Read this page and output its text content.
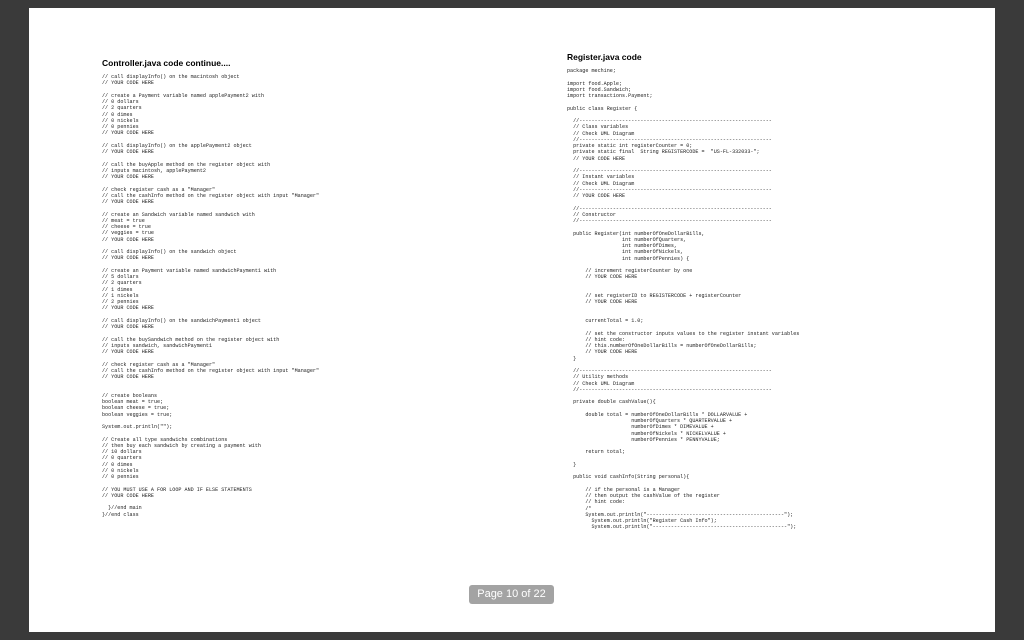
Controller.java code continue....
// call displayInfo() on the macintosh object
// YOUR CODE HERE
// create a Payment variable named applePayment2 with
// 0 dollars
// 2 quarters
// 0 dimes
// 0 nickels
// 0 pennies
// YOUR CODE HERE
// call displayInfo() on the applePayment2 object
// YOUR CODE HERE
// call the buyApple method on the register object with
// inputs macintosh, applePayment2
// YOUR CODE HERE
// check register cash as a "Manager"
// call the cashInfo method on the register object with input "Manager"
// YOUR CODE HERE
// create an Sandwich variable named sandwich with
// meat = true
// cheese = true
// veggies = true
// YOUR CODE HERE
// call displayInfo() on the sandwich object
// YOUR CODE HERE
// create an Payment variable named sandwichPayment1 with
// 5 dollars
// 2 quarters
// 1 dimes
// 1 nickels
// 2 pennies
// YOUR CODE HERE
// call displayInfo() on the sandwichPayment1 object
// YOUR CODE HERE
// call the buySandwich method on the register object with
// inputs sandwich, sandwichPayment1
// YOUR CODE HERE
// check register cash as a "Manager"
// call the cashInfo method on the register object with input "Manager"
// YOUR CODE HERE
// create booleans
boolean meat = true;
boolean cheese = true;
boolean veggies = true;
System.out.println("");
// Create all type sandwichs combinations
// then buy each sandwich by creating a payment with
// 10 dollars
// 0 quarters
// 0 dimes
// 0 nickels
// 0 pennies
// YOU MUST USE A FOR LOOP AND IF ELSE STATEMENTS
// YOUR CODE HERE
}//end main
}//end class
Register.java code
package mechine;
import food.Apple;
import food.Sandwich;
import transactions.Payment;
public class Register {
//---------------------------------------------------------------
// Class variables
// Check UML Diagram
//---------------------------------------------------------------
private static int registerCounter = 0;
private static final  String REGISTERCODE =  "US-FL-332033-";
// YOUR CODE HERE
//---------------------------------------------------------------
// Instant variables
// Check UML Diagram
//---------------------------------------------------------------
// YOUR CODE HERE
//---------------------------------------------------------------
// Constructor
//---------------------------------------------------------------
public Register(int numberOfOneDollarBills,
int numberOfQuarters,
int numberOfDimes,
int numberOfNickels,
int numberOfPennies) {
// increment registerCounter by one
// YOUR CODE HERE
// set registerID to REGISTERCODE + registerCounter
// YOUR CODE HERE
currentTotal = 1.0;
// set the constructor inputs values to the register instant variables
// hint code:
// this.numberOfOneDollarBills = numberOfOneDollarBills;
// YOUR CODE HERE
}
//---------------------------------------------------------------
// Utility methods
// Check UML Diagram
//---------------------------------------------------------------
private double cashValue(){
double total = numberOfOneDollarBills * DOLLARVALUE +
numberOfQuarters * QUARTERVALUE +
numberOfDimes * DIMEVALUE +
numberOfNickels * NICKELVALUE +
numberOfPennies * PENNYVALUE;
return total;
}
public void cashInfo(String personal){
// if the personal is a Manager
// then output the cashValue of the register
// hint code:
/*
System.out.println("---------------------------------------------");
System.out.println("Register Cash Info");
System.out.println("--------------------------------------------");
Page 10 of 22
